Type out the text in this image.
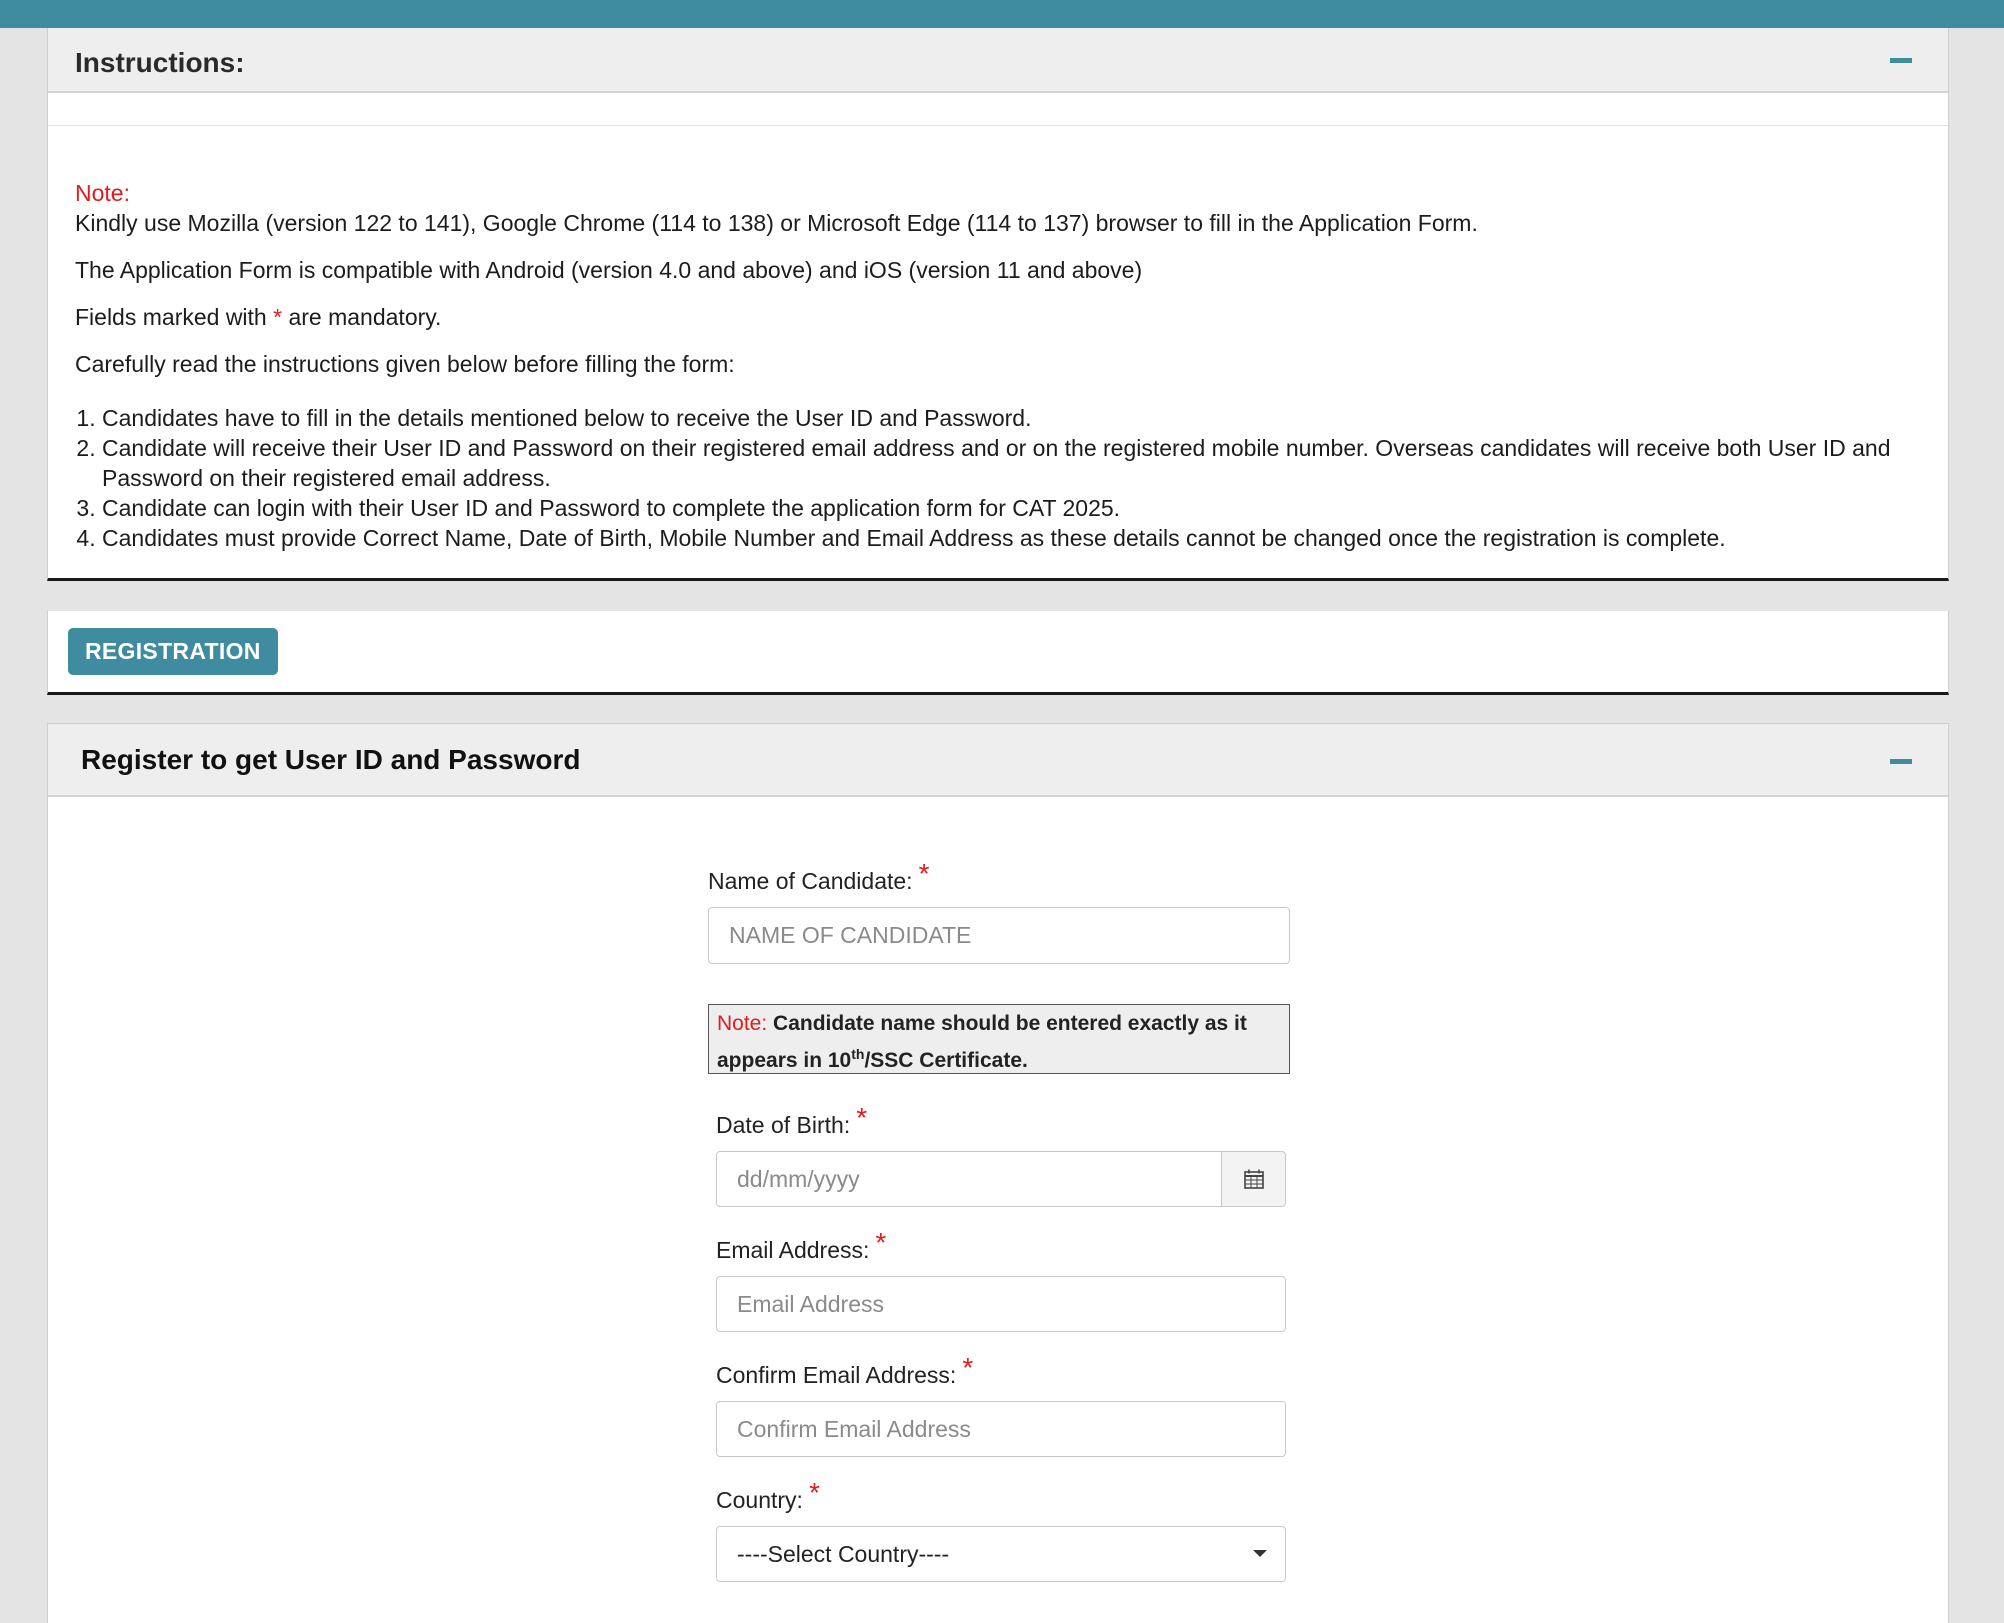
Instructions:
Note:

Kindly use Mozilla (version 122 to 141), Google Chrome (114 to 138) or Microsoft Edge (114 to 137) browser to fill in the Application Form.

The Application Form is compatible with Android (version 4.0 and above) and iOS (version 11 and above)

Fields marked with * are mandatory.

Carefully read the instructions given below before filling the form:

1. Candidates have to fill in the details mentioned below to receive the User ID and Password.
2. Candidate will receive their User ID and Password on their registered email address and or on the registered mobile number. Overseas candidates will receive both User ID and Password on their registered email address.
3. Candidate can login with their User ID and Password to complete the application form for CAT 2025.
4. Candidates must provide Correct Name, Date of Birth, Mobile Number and Email Address as these details cannot be changed once the registration is complete.
REGISTRATION
Register to get User ID and Password
Name of Candidate: *
NAME OF CANDIDATE
Note: Candidate name should be entered exactly as it appears in 10th/SSC Certificate.
Date of Birth: *
dd/mm/yyyy
Email Address: *
Email Address
Confirm Email Address: *
Confirm Email Address
Country: *
----Select Country----
